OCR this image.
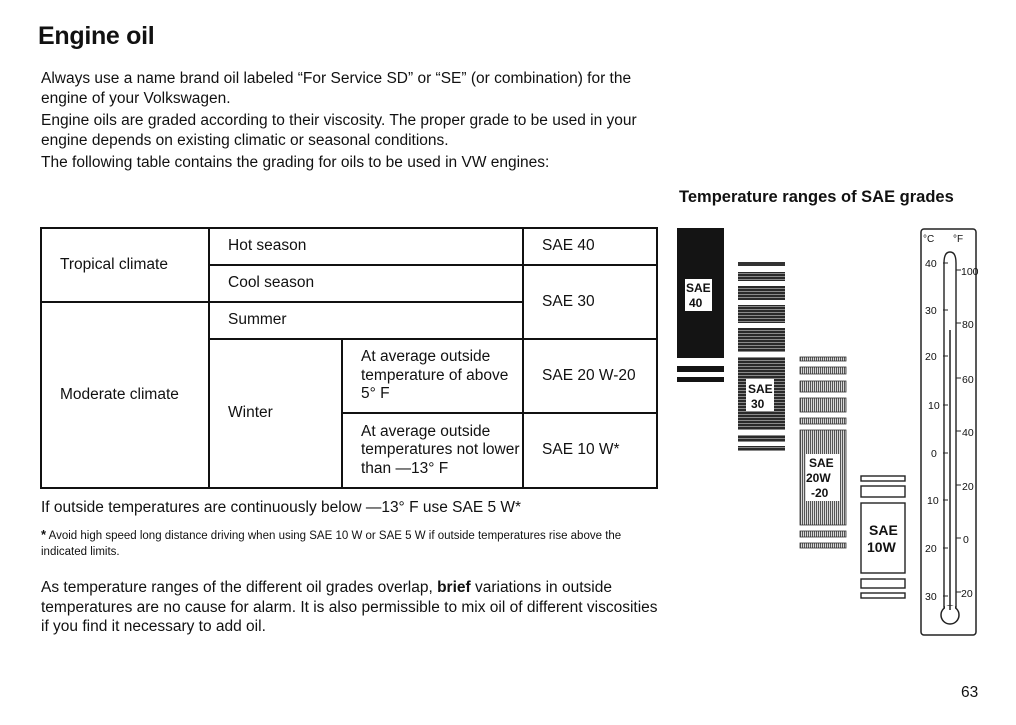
Engine oil
Always use a name brand oil labeled “For Service SD” or “SE” (or combination) for the engine of your Volkswagen.
Engine oils are graded according to their viscosity. The proper grade to be used in your engine depends on existing climatic or seasonal conditions.
The following table contains the grading for oils to be used in VW engines:
Temperature ranges of SAE grades
Tropical climate	Hot season		SAE 40
	Cool season		SAE 30
Moderate climate	Summer		
	Winter	At average outside temperature of above 5° F	SAE 20 W-20
		At average outside temperatures not lower than —13° F	SAE 10 W*
If outside temperatures are continuously below —13° F use SAE 5 W*
* Avoid high speed long distance driving when using SAE 10 W or SAE 5 W if outside temperatures rise above the indicated limits.
As temperature ranges of the different oil grades overlap, brief variations in outside temperatures are no cause for alarm. It is also permissible to mix oil of different viscosities if you find it necessary to add oil.
SAE
40
SAE
30
SAE
20W
-20
SAE
10W
°C °F
40
30
20
10
0
10
20
30
100
80
60
40
20
0
20
63
